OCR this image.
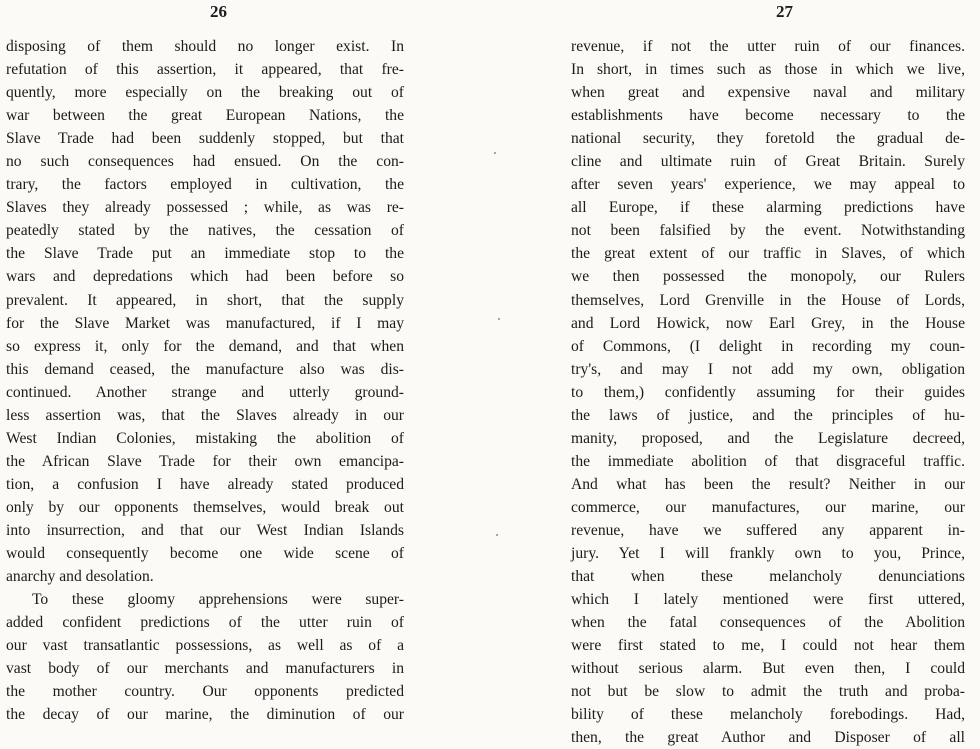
26
disposing of them should no longer exist. In
refutation of this assertion, it appeared, that fre-
quently, more especially on the breaking out of
war between the great European Nations, the
Slave Trade had been suddenly stopped, but that
no such consequences had ensued. On the con-
trary, the factors employed in cultivation, the
Slaves they already possessed ; while, as was re-
peatedly stated by the natives, the cessation of
the Slave Trade put an immediate stop to the
wars and depredations which had been before so
prevalent. It appeared, in short, that the supply
for the Slave Market was manufactured, if I may
so express it, only for the demand, and that when
this demand ceased, the manufacture also was dis-
continued. Another strange and utterly ground-
less assertion was, that the Slaves already in our
West Indian Colonies, mistaking the abolition of
the African Slave Trade for their own emancipa-
tion, a confusion I have already stated produced
only by our opponents themselves, would break out
into insurrection, and that our West Indian Islands
would consequently become one wide scene of
anarchy and desolation.
To these gloomy apprehensions were super-
added confident predictions of the utter ruin of
our vast transatlantic possessions, as well as of a
vast body of our merchants and manufacturers in
the mother country. Our opponents predicted
the decay of our marine, the diminution of our
27
revenue, if not the utter ruin of our finances.
In short, in times such as those in which we live,
when great and expensive naval and military
establishments have become necessary to the
national security, they foretold the gradual de-
cline and ultimate ruin of Great Britain. Surely
after seven years' experience, we may appeal to
all Europe, if these alarming predictions have
not been falsified by the event. Notwithstanding
the great extent of our traffic in Slaves, of which
we then possessed the monopoly, our Rulers
themselves, Lord Grenville in the House of Lords,
and Lord Howick, now Earl Grey, in the House
of Commons, (I delight in recording my coun-
try's, and may I not add my own, obligation
to them,) confidently assuming for their guides
the laws of justice, and the principles of hu-
manity, proposed, and the Legislature decreed,
the immediate abolition of that disgraceful traffic.
And what has been the result? Neither in our
commerce, our manufactures, our marine, our
revenue, have we suffered any apparent in-
jury. Yet I will frankly own to you, Prince,
that when these melancholy denunciations
which I lately mentioned were first uttered,
when the fatal consequences of the Abolition
were first stated to me, I could not hear them
without serious alarm. But even then, I could
not but be slow to admit the truth and proba-
bility of these melancholy forebodings. Had,
then, the great Author and Disposer of all
